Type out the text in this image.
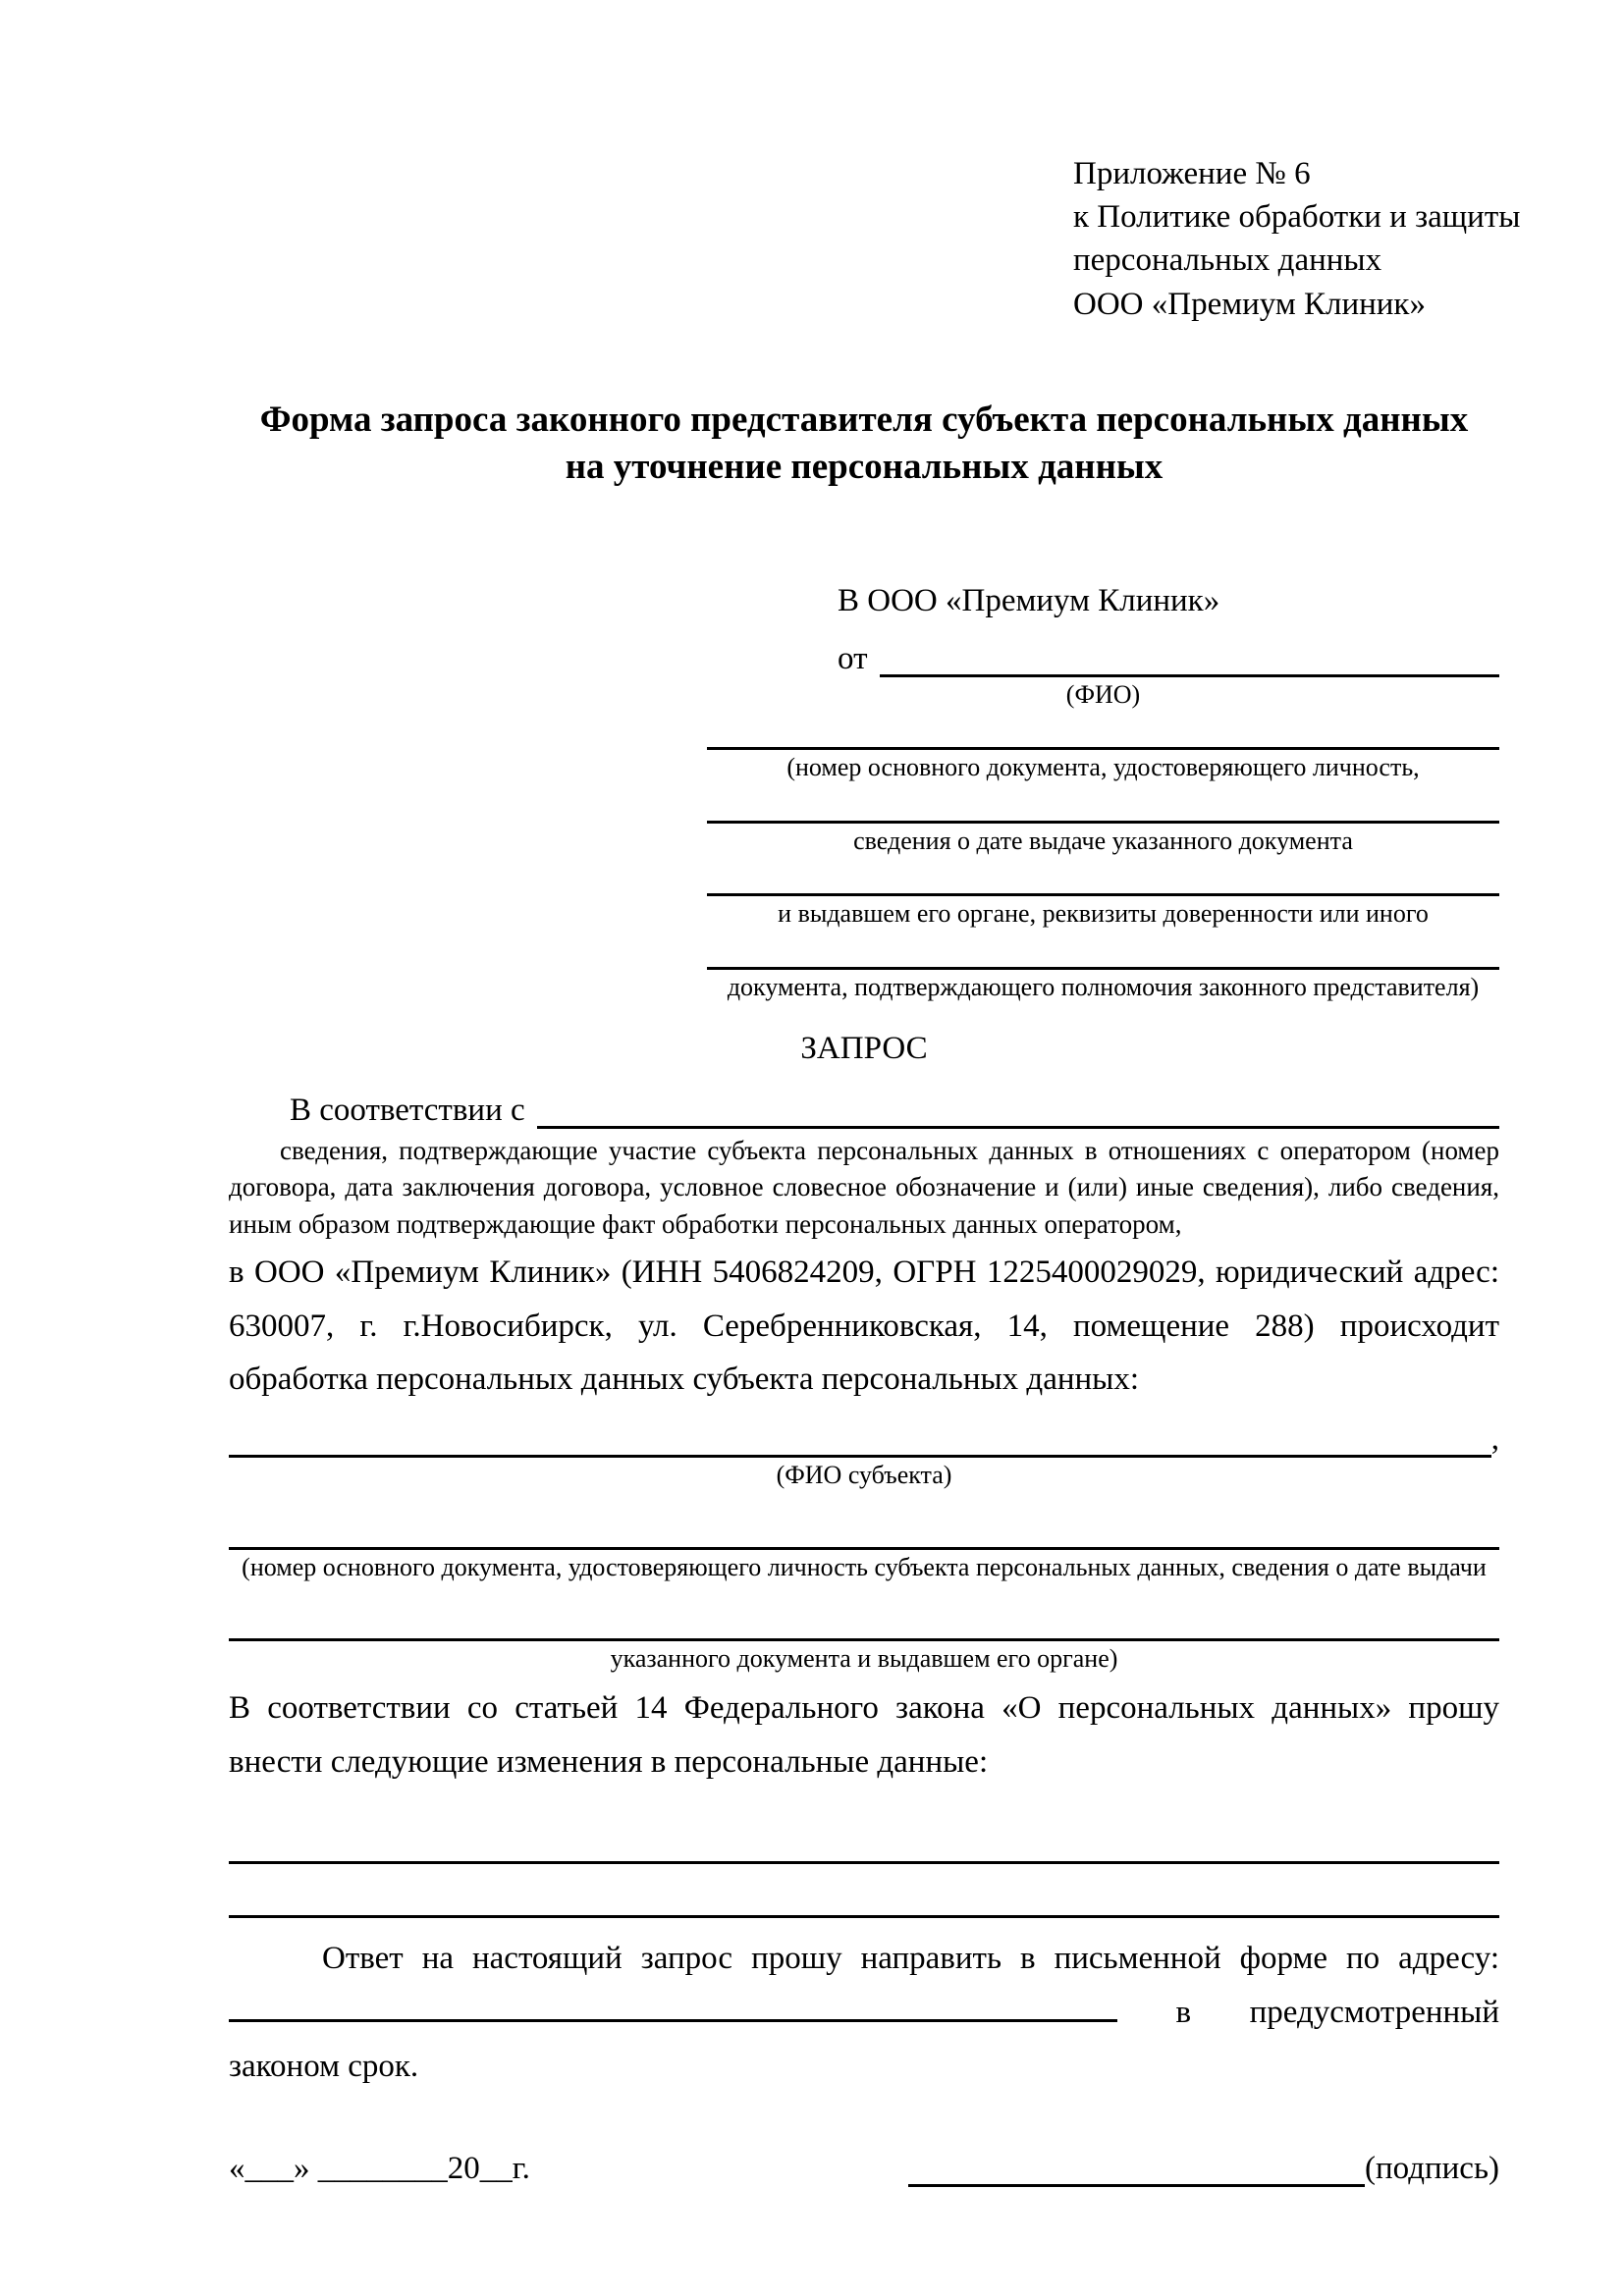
Приложение № 6
к Политике обработки и защиты
персональных данных
ООО «Премиум Клиник»
Форма запроса законного представителя субъекта персональных данных
на уточнение персональных данных
В ООО «Премиум Клиник»
от
(ФИО)
(номер основного документа, удостоверяющего личность,
сведения о дате выдаче указанного документа
и выдавшем его органе, реквизиты доверенности или иного
документа, подтверждающего полномочия законного представителя)
ЗАПРОС
В соответствии с

сведения, подтверждающие участие субъекта персональных данных в отношениях с оператором (номер договора, дата заключения договора, условное словесное обозначение и (или) иные сведения), либо сведения, иным образом подтверждающие факт обработки персональных данных оператором,

в ООО «Премиум Клиник» (ИНН 5406824209, ОГРН 1225400029029, юридический адрес: 630007, г. г.Новосибирск, ул. Серебренниковская, 14, помещение 288) происходит обработка персональных данных субъекта персональных данных:

,
(ФИО субъекта)
(номер основного документа, удостоверяющего личность субъекта персональных данных, сведения о дате выдачи
указанного документа и выдавшем его органе)

В соответствии со статьей 14 Федерального закона «О персональных данных» прошу внести следующие изменения в персональные данные:

Ответ на настоящий запрос прошу направить в письменной форме по адресу:  в предусмотренный законом срок.

«___» ________20__г.	(подпись)
